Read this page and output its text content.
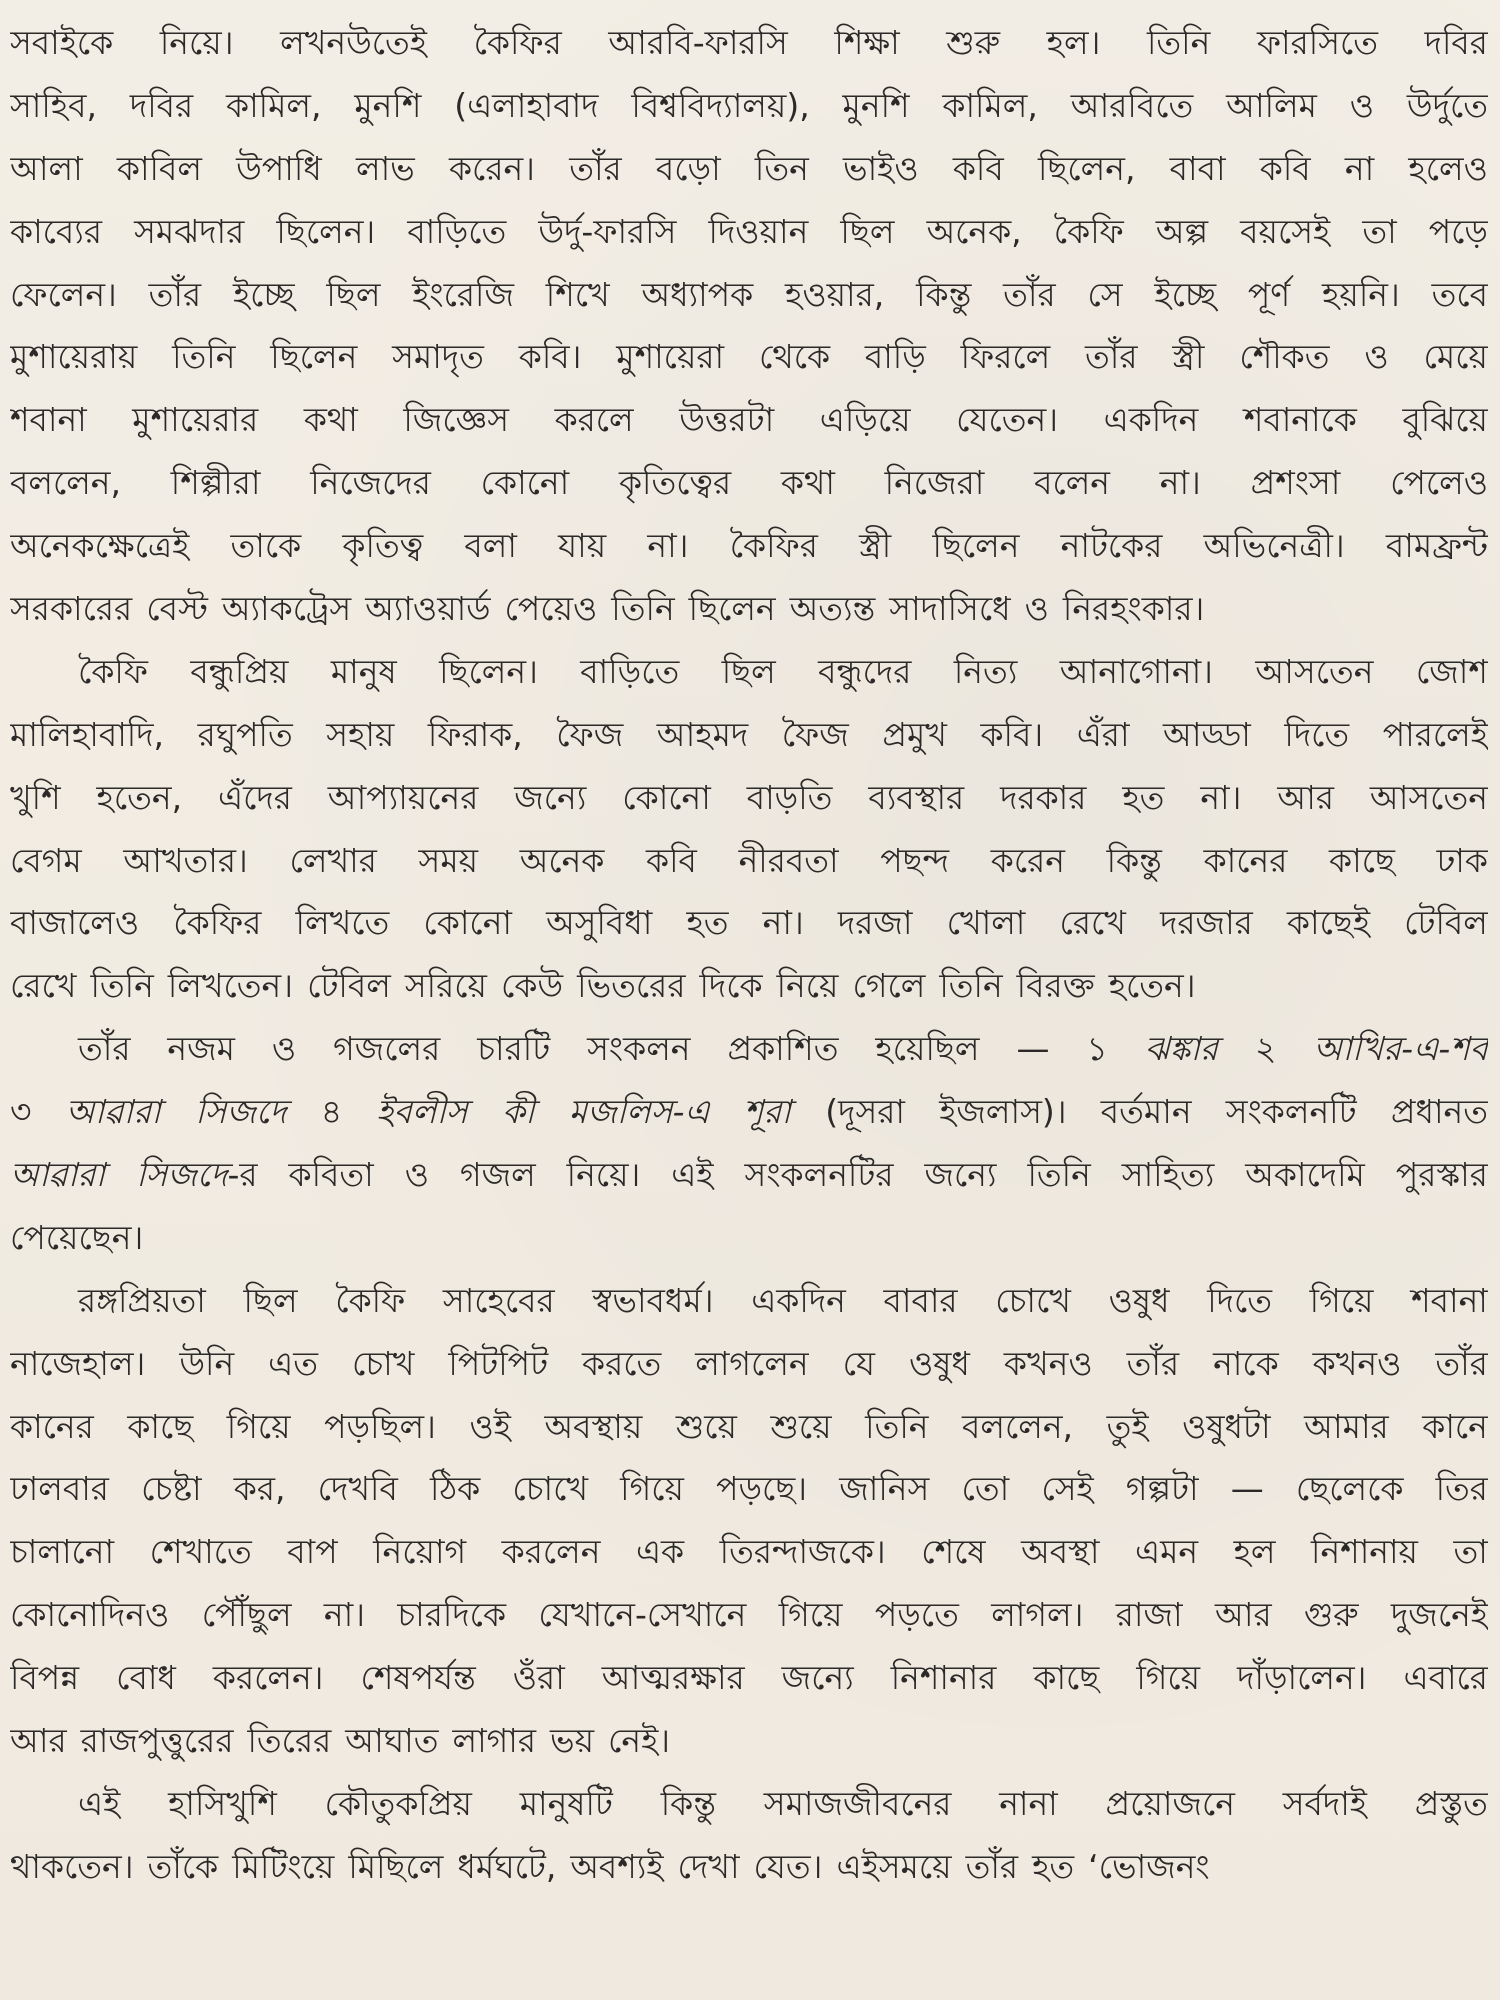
সবাইকে নিয়ে। লখনউতেই কৈফির আরবি-ফারসি শিক্ষা শুরু হল। তিনি ফারসিতে দবির
সাহিব, দবির কামিল, মুনশি (এলাহাবাদ বিশ্ববিদ্যালয়), মুনশি কামিল, আরবিতে আলিম ও উর্দুতে
আলা কাবিল উপাধি লাভ করেন। তাঁর বড়ো তিন ভাইও কবি ছিলেন, বাবা কবি না হলেও
কাব্যের সমঝদার ছিলেন। বাড়িতে উর্দু-ফারসি দিওয়ান ছিল অনেক, কৈফি অল্প বয়সেই তা পড়ে
ফেলেন। তাঁর ইচ্ছে ছিল ইংরেজি শিখে অধ্যাপক হওয়ার, কিন্তু তাঁর সে ইচ্ছে পূর্ণ হয়নি। তবে
মুশায়েরায় তিনি ছিলেন সমাদৃত কবি। মুশায়েরা থেকে বাড়ি ফিরলে তাঁর স্ত্রী শৌকত ও মেয়ে
শবানা মুশায়েরার কথা জিজ্ঞেস করলে উত্তরটা এড়িয়ে যেতেন। একদিন শবানাকে বুঝিয়ে
বললেন, শিল্পীরা নিজেদের কোনো কৃতিত্বের কথা নিজেরা বলেন না। প্রশংসা পেলেও
অনেকক্ষেত্রেই তাকে কৃতিত্ব বলা যায় না। কৈফির স্ত্রী ছিলেন নাটকের অভিনেত্রী। বামফ্রন্ট
সরকারের বেস্ট অ্যাকট্রেস অ্যাওয়ার্ড পেয়েও তিনি ছিলেন অত্যন্ত সাদাসিধে ও নিরহংকার।
কৈফি বন্ধুপ্রিয় মানুষ ছিলেন। বাড়িতে ছিল বন্ধুদের নিত্য আনাগোনা। আসতেন জোশ
মালিহাবাদি, রঘুপতি সহায় ফিরাক, ফৈজ আহমদ ফৈজ প্রমুখ কবি। এঁরা আড্ডা দিতে পারলেই
খুশি হতেন, এঁদের আপ্যায়নের জন্যে কোনো বাড়তি ব্যবস্থার দরকার হত না। আর আসতেন
বেগম আখতার। লেখার সময় অনেক কবি নীরবতা পছন্দ করেন কিন্তু কানের কাছে ঢাক
বাজালেও কৈফির লিখতে কোনো অসুবিধা হত না। দরজা খোলা রেখে দরজার কাছেই টেবিল
রেখে তিনি লিখতেন। টেবিল সরিয়ে কেউ ভিতরের দিকে নিয়ে গেলে তিনি বিরক্ত হতেন।
তাঁর নজম ও গজলের চারটি সংকলন প্রকাশিত হয়েছিল — ১ ঝঙ্কার ২ আখির-এ-শব
৩ আৱারা সিজদে ৪ ইবলীস কী মজলিস-এ শূরা (দূসরা ইজলাস)। বর্তমান সংকলনটি প্রধানত
আৱারা সিজদে-র কবিতা ও গজল নিয়ে। এই সংকলনটির জন্যে তিনি সাহিত্য অকাদেমি পুরস্কার
পেয়েছেন।
রঙ্গপ্রিয়তা ছিল কৈফি সাহেবের স্বভাবধর্ম। একদিন বাবার চোখে ওষুধ দিতে গিয়ে শবানা
নাজেহাল। উনি এত চোখ পিটপিট করতে লাগলেন যে ওষুধ কখনও তাঁর নাকে কখনও তাঁর
কানের কাছে গিয়ে পড়ছিল। ওই অবস্থায় শুয়ে শুয়ে তিনি বললেন, তুই ওষুধটা আমার কানে
ঢালবার চেষ্টা কর, দেখবি ঠিক চোখে গিয়ে পড়ছে। জানিস তো সেই গল্পটা — ছেলেকে তির
চালানো শেখাতে বাপ নিয়োগ করলেন এক তিরন্দাজকে। শেষে অবস্থা এমন হল নিশানায় তা
কোনোদিনও পৌঁছুল না। চারদিকে যেখানে-সেখানে গিয়ে পড়তে লাগল। রাজা আর গুরু দুজনেই
বিপন্ন বোধ করলেন। শেষপর্যন্ত ওঁরা আত্মরক্ষার জন্যে নিশানার কাছে গিয়ে দাঁড়ালেন। এবারে
আর রাজপুত্তুরের তিরের আঘাত লাগার ভয় নেই।
এই হাসিখুশি কৌতুকপ্রিয় মানুষটি কিন্তু সমাজজীবনের নানা প্রয়োজনে সর্বদাই প্রস্তুত
থাকতেন। তাঁকে মিটিংয়ে মিছিলে ধর্মঘটে, অবশ্যই দেখা যেত। এইসময়ে তাঁর হত ‘ভোজনং
